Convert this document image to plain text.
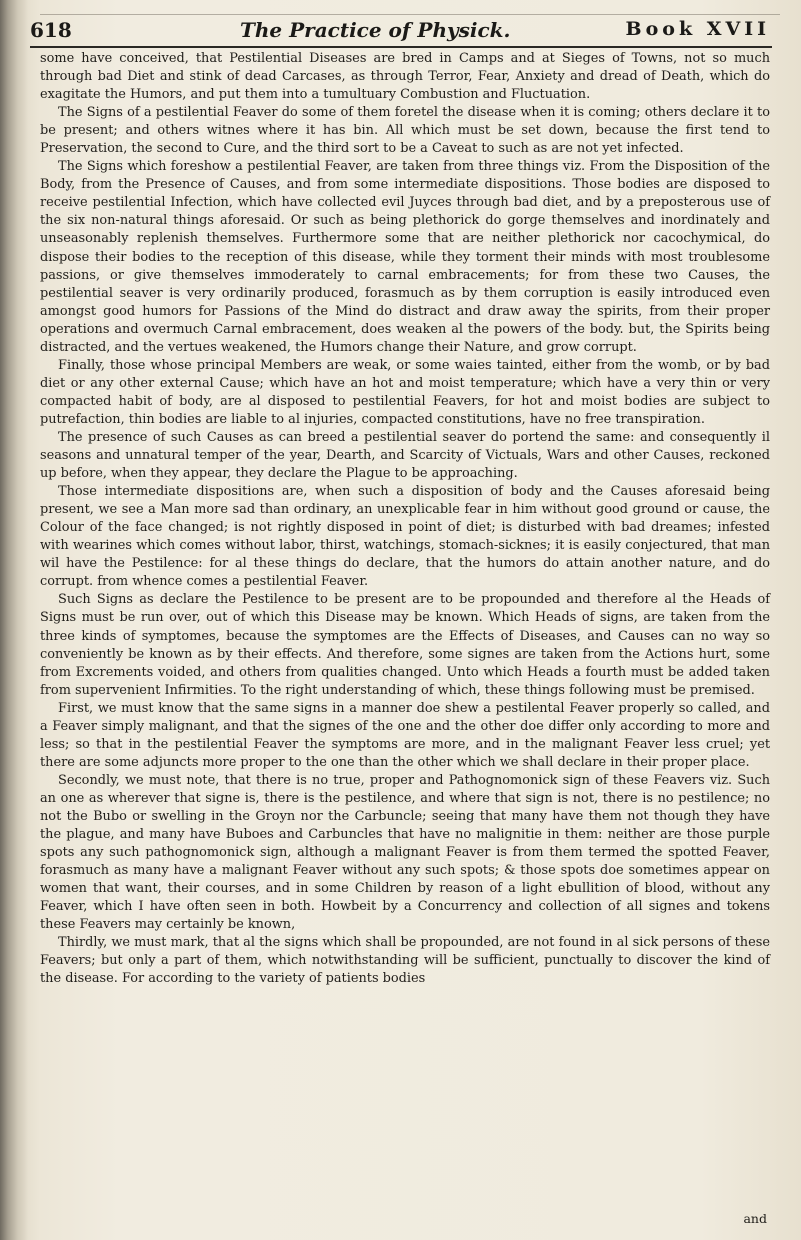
618	The Practice of Physick.	Book XVII

some have conceived, that Pestilential Diseases are bred in Camps and at Sieges of Towns, not so much through bad Diet and stink of dead Carcases, as through Terror, Fear, Anxiety and dread of Death, which do exagitate the Humors, and put them into a tumultuary Combustion and Fluctuation.

The Signs of a pestilential Feaver do some of them foretel the disease when it is coming; others declare it to be present; and others witnes where it has bin. All which must be set down, because the first tend to Preservation, the second to Cure, and the third sort to be a Caveat to such as are not yet infected.

The Signs which foreshow a pestilential Feaver, are taken from three things viz. From the Disposition of the Body, from the Presence of Causes, and from some intermediate dispositions. Those bodies are disposed to receive pestilential Infection, which have collected evil Juyces through bad diet, and by a preposterous use of the six non-natural things aforesaid. Or such as being plethorick do gorge themselves and inordinately and unseasonably replenish themselves. Furthermore some that are neither plethorick nor cacochymical, do dispose their bodies to the reception of this disease, while they torment their minds with most troublesome passions, or give themselves immoderately to carnal embracements; for from these two Causes, the pestilential seaver is very ordinarily produced, forasmuch as by them corruption is easily introduced even amongst good humors for Passions of the Mind do distract and draw away the spirits, from their proper operations and overmuch Carnal embracement, does weaken al the powers of the body. but, the Spirits being distracted, and the vertues weakened, the Humors change their Nature, and grow corrupt.

Finally, those whose principal Members are weak, or some waies tainted, either from the womb, or by bad diet or any other external Cause; which have an hot and moist temperature; which have a very thin or very compacted habit of body, are al disposed to pestilential Feavers, for hot and moist bodies are subject to putrefaction, thin bodies are liable to al injuries, compacted constitutions, have no free transpiration.

The presence of such Causes as can breed a pestilential seaver do portend the same: and consequently il seasons and unnatural temper of the year, Dearth, and Scarcity of Victuals, Wars and other Causes, reckoned up before, when they appear, they declare the Plague to be approaching.

Those intermediate dispositions are, when such a disposition of body and the Causes aforesaid being present, we see a Man more sad than ordinary, an unexplicable fear in him without good ground or cause, the Colour of the face changed; is not rightly disposed in point of diet; is disturbed with bad dreames; infested with wearines which comes without labor, thirst, watchings, stomach-sicknes; it is easily conjectured, that man wil have the Pestilence: for al these things do declare, that the humors do attain another nature, and do corrupt. from whence comes a pestilential Feaver.

Such Signs as declare the Pestilence to be present are to be propounded and therefore al the Heads of Signs must be run over, out of which this Disease may be known. Which Heads of signs, are taken from the three kinds of symptomes, because the symptomes are the Effects of Diseases, and Causes can no way so conveniently be known as by their effects. And therefore, some signes are taken from the Actions hurt, some from Excrements voided, and others from qualities changed. Unto which Heads a fourth must be added taken from supervenient Infirmities. To the right understanding of which, these things following must be premised.

First, we must know that the same signs in a manner doe shew a pestilental Feaver properly so called, and a Feaver simply malignant, and that the signes of the one and the other doe differ only according to more and less; so that in the pestilential Feaver the symptoms are more, and in the malignant Feaver less cruel; yet there are some adjuncts more proper to the one than the other which we shall declare in their proper place.

Secondly, we must note, that there is no true, proper and Pathognomonick sign of these Feavers viz. Such an one as wherever that signe is, there is the pestilence, and where that sign is not, there is no pestilence; no not the Bubo or swelling in the Groyn nor the Carbuncle; seeing that many have them not though they have the plague, and many have Buboes and Carbuncles that have no malignitie in them: neither are those purple spots any such pathognomonick sign, although a malignant Feaver is from them termed the spotted Feaver, forasmuch as many have a malignant Feaver without any such spots; & those spots doe sometimes appear on women that want, their courses, and in some Children by reason of a light ebullition of blood, without any Feaver, which I have often seen in both. Howbeit by a Concurrency and collection of all signes and tokens these Feavers may certainly be known,

Thirdly, we must mark, that al the signs which shall be propounded, are not found in al sick persons of these Feavers; but only a part of them, which notwithstanding will be sufficient, punctually to discover the kind of the disease. For according to the variety of patients bodies

and
